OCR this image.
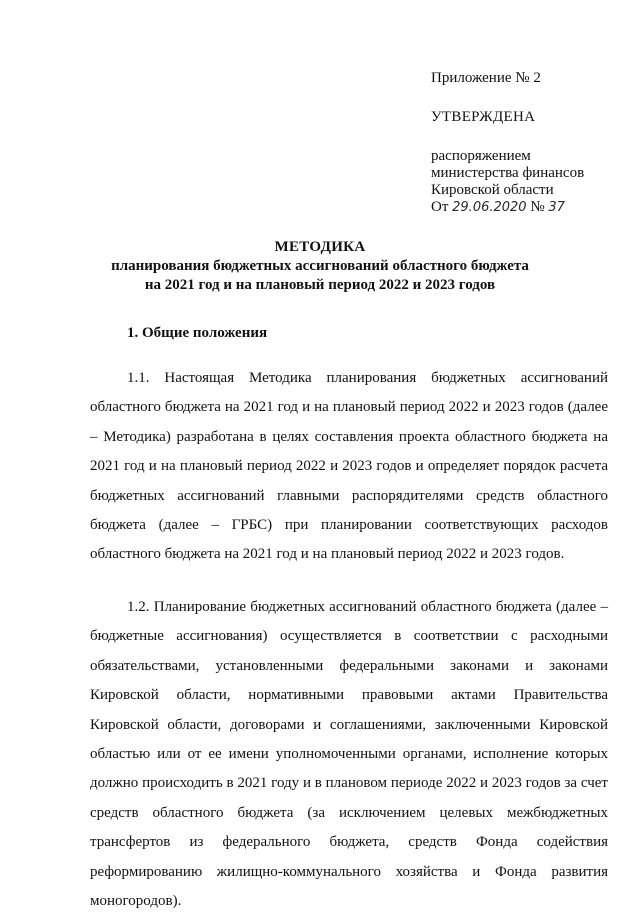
Приложение № 2
УТВЕРЖДЕНА
распоряжением
министерства финансов
Кировской области
От 29.06.2020 № 37
МЕТОДИКА
планирования бюджетных ассигнований областного бюджета
на 2021 год и на плановый период 2022 и 2023 годов
1. Общие положения

1.1. Настоящая Методика планирования бюджетных ассигнований областного бюджета на 2021 год и на плановый период 2022 и 2023 годов (далее – Методика) разработана в целях составления проекта областного бюджета на 2021 год и на плановый период 2022 и 2023 годов и определяет порядок расчета бюджетных ассигнований главными распорядителями средств областного бюджета (далее – ГРБС) при планировании соответствующих расходов областного бюджета на 2021 год и на плановый период 2022 и 2023 годов.

1.2. Планирование бюджетных ассигнований областного бюджета (далее – бюджетные ассигнования) осуществляется в соответствии с расходными обязательствами, установленными федеральными законами и законами Кировской области, нормативными правовыми актами Правительства Кировской области, договорами и соглашениями, заключенными Кировской областью или от ее имени уполномоченными органами, исполнение которых должно происходить в 2021 году и в плановом периоде 2022 и 2023 годов за счет средств областного бюджета (за исключением целевых межбюджетных трансфертов из федерального бюджета, средств Фонда содействия реформированию жилищно-коммунального хозяйства и Фонда развития моногородов).
